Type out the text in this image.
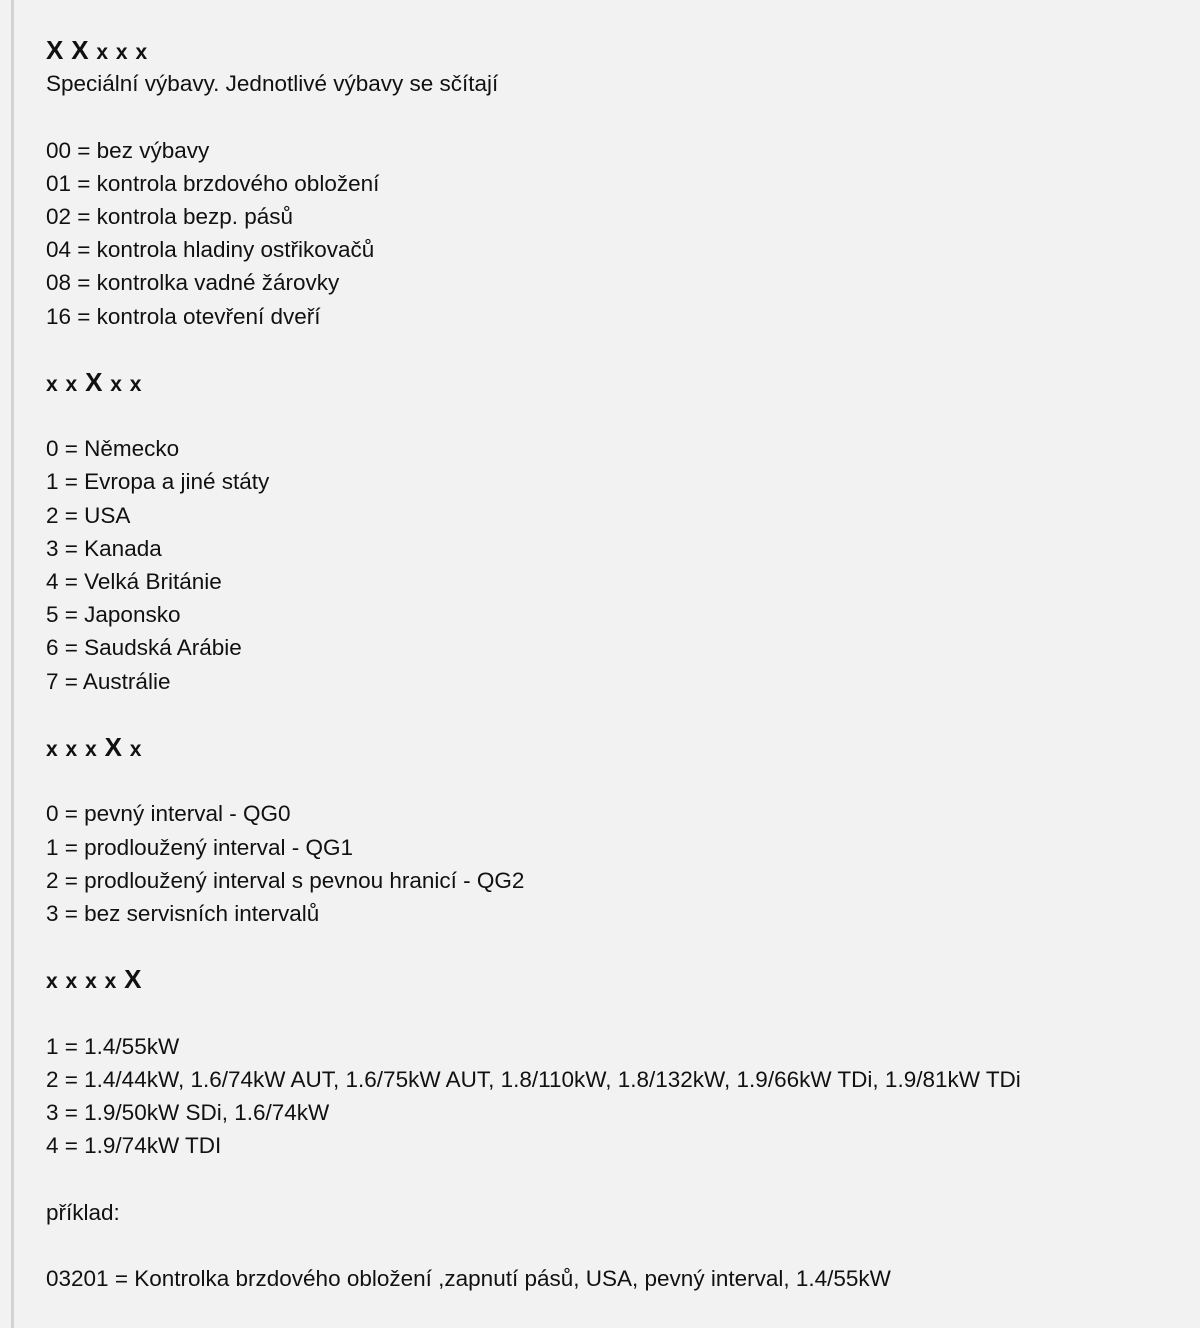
X X x x x
Speciální výbavy. Jednotlivé výbavy se sčítají
00 = bez výbavy
01 = kontrola brzdového obložení
02 = kontrola bezp. pásů
04 = kontrola hladiny ostřikovačů
08 = kontrolka vadné žárovky
16 = kontrola otevření dveří
x x X x x
0 = Německo
1 = Evropa a jiné státy
2 = USA
3 = Kanada
4 = Velká Británie
5 = Japonsko
6 = Saudská Arábie
7 = Austrálie
x x x X x
0 = pevný interval - QG0
1 = prodloužený interval - QG1
2 = prodloužený interval s pevnou hranicí - QG2
3 = bez servisních intervalů
x x x x X
1 = 1.4/55kW
2 = 1.4/44kW, 1.6/74kW AUT, 1.6/75kW AUT, 1.8/110kW, 1.8/132kW, 1.9/66kW TDi, 1.9/81kW TDi
3 = 1.9/50kW SDi, 1.6/74kW
4 = 1.9/74kW TDI
příklad:
03201 = Kontrolka brzdového obložení ,zapnutí pásů, USA, pevný interval, 1.4/55kW
